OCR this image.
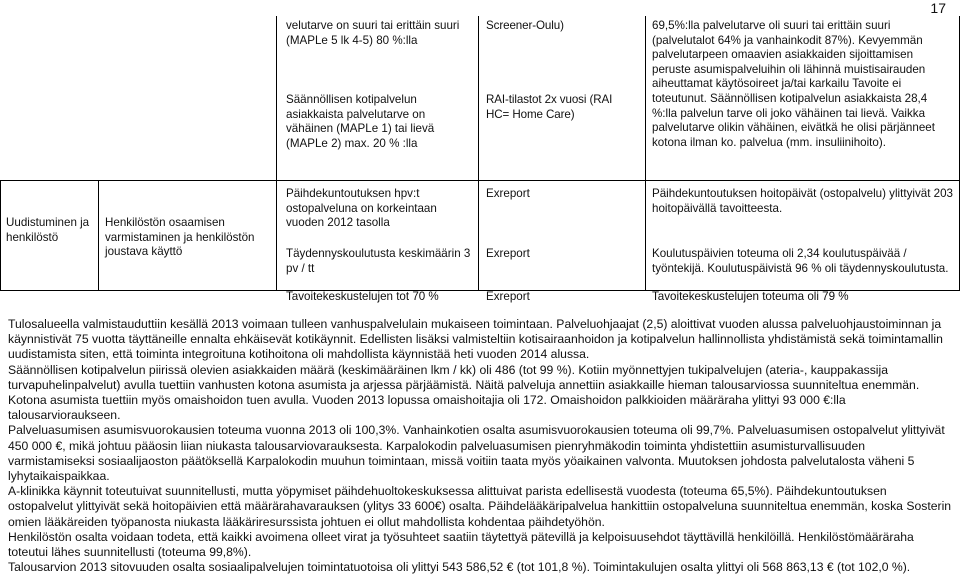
17
velutarve on suuri tai erittäin suuri (MAPLe 5 lk 4-5) 80 %:lla
Säännöllisen kotipalvelun asiakkaista palvelutarve on vähäinen (MAPLe 1) tai lievä (MAPLe 2) max. 20 % :lla
Screener-Oulu)
RAI-tilastot 2x vuosi (RAI HC= Home Care)
69,5%:lla palvelutarve oli suuri tai erittäin suuri (palvelutalot 64% ja vanhainkodit 87%). Kevyemmän palvelutarpeen omaavien asiakkaiden sijoittamisen peruste asumispalveluihin oli lähinnä muistisairauden aiheuttamat käytösoireet ja/tai karkailu Tavoite ei toteutunut. Säännöllisen kotipalvelun asiakkaista 28,4 %:lla palvelun tarve oli joko vähäinen tai lievä. Vaikka palvelutarve olikin vähäinen, eivätkä he olisi pärjänneet kotona ilman ko. palvelua (mm. insuliinihoito).
Uudistuminen ja henkilöstö
Henkilöstön osaamisen varmistaminen ja henkilöstön joustava käyttö
Päihdekuntoutuksen hpv:t ostopalveluna on korkeintaan vuoden 2012 tasolla
Täydennyskoulutusta keskimäärin 3 pv / tt
Tavoitekeskustelujen tot 70 %
Exreport
Exreport
Exreport
Päihdekuntoutuksen hoitopäivät (ostopalvelu) ylittyivät 203 hoitopäivällä tavoitteesta.
Koulutuspäivien toteuma oli 2,34 koulutuspäivää / työntekijä. Koulutuspäivistä 96 % oli täydennyskoulutusta.
Tavoitekeskustelujen toteuma oli 79 %

Tulosalueella valmistauduttiin kesällä 2013 voimaan tulleen vanhuspalvelulain mukaiseen toimintaan. Palveluohjaajat (2,5) aloittivat vuoden alussa palveluohjaustoiminnan ja käynnistivät 75 vuotta täyttäneille ennalta ehkäisevät kotikäynnit. Edellisten lisäksi valmisteltiin kotisairaanhoidon ja kotipalvelun hallinnollista yhdistämistä sekä toimintamallin uudistamista siten, että toiminta integroituna kotihoitona oli mahdollista käynnistää heti vuoden 2014 alussa.

Säännöllisen kotipalvelun piirissä olevien asiakkaiden määrä (keskimääräinen lkm / kk) oli 486 (tot 99 %). Kotiin myönnettyjen tukipalvelujen (ateria-, kauppakassija turvapuhelinpalvelut) avulla tuettiin vanhusten kotona asumista ja arjessa pärjäämistä. Näitä palveluja annettiin asiakkaille hieman talousarviossa suunniteltua enemmän. Kotona asumista tuettiin myös omaishoidon tuen avulla. Vuoden 2013 lopussa omaishoitajia oli 172. Omaishoidon palkkioiden määräraha ylittyi 93 000 €:lla talousarvioraukseen.

Palveluasumisen asumisvuorokausien toteuma vuonna 2013 oli 100,3%. Vanhainkotien osalta asumisvuorokausien toteuma oli 99,7%. Palveluasumisen ostopalvelut ylittyivät 450 000 €, mikä johtuu pääosin liian niukasta talousarviovarauksesta. Karpalokodin palveluasumisen pienryhmäkodin toiminta yhdistettiin asumisturvallisuuden varmistamiseksi sosiaalijaoston päätöksellä Karpalokodin muuhun toimintaan, missä voitiin taata myös yöaikainen valvonta. Muutoksen johdosta palvelutalosta väheni 5 lyhytaikaispaikkaa.

A-klinikka käynnit toteutuivat suunnitellusti, mutta yöpymiset päihdehuoltokeskuksessa alittuivat parista edellisestä vuodesta (toteuma 65,5%). Päihdekuntoutuksen ostopalvelut ylittyivät sekä hoitopäivien että määrärahavarauksen (ylitys 33 600€) osalta. Päihdelääkäripalvelua hankittiin ostopalveluna suunniteltua enemmän, koska Sosterin omien lääkäreiden työpanosta niukasta lääkäriresurssista johtuen ei ollut mahdollista kohdentaa päihdetyöhön.

Henkilöstön osalta voidaan todeta, että kaikki avoimena olleet virat ja työsuhteet saatiin täytettyä pätevillä ja kelpoisuusehdot täyttävillä henkilöillä. Henkilöstömääräraha toteutui lähes suunnitellusti (toteuma 99,8%).

Talousarvion 2013 sitovuuden osalta sosiaalipalvelujen toimintatuotoisa oli ylittyi 543 586,52 € (tot 101,8 %). Toimintakulujen osalta ylittyi oli 568 863,13 € (tot 102,0 %).
